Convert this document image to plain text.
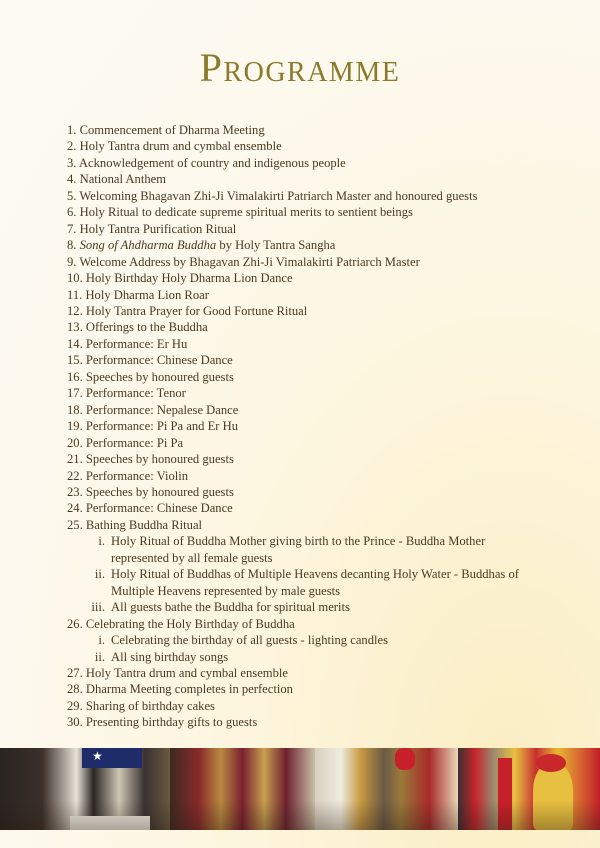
Programme
1. Commencement of Dharma Meeting
2. Holy Tantra drum and cymbal ensemble
3. Acknowledgement of country and indigenous people
4. National Anthem
5. Welcoming Bhagavan Zhi-Ji Vimalakirti Patriarch Master and honoured guests
6. Holy Ritual to dedicate supreme spiritual merits to sentient beings
7. Holy Tantra Purification Ritual
8. Song of Ahdharma Buddha by Holy Tantra Sangha
9. Welcome Address by Bhagavan Zhi-Ji Vimalakirti Patriarch Master
10. Holy Birthday Holy Dharma Lion Dance
11. Holy Dharma Lion Roar
12. Holy Tantra Prayer for Good Fortune Ritual
13. Offerings to the Buddha
14. Performance: Er Hu
15. Performance: Chinese Dance
16. Speeches by honoured guests
17. Performance: Tenor
18. Performance: Nepalese Dance
19. Performance: Pi Pa and Er Hu
20. Performance: Pi Pa
21. Speeches by honoured guests
22. Performance: Violin
23. Speeches by honoured guests
24. Performance: Chinese Dance
25. Bathing Buddha Ritual
i. Holy Ritual of Buddha Mother giving birth to the Prince - Buddha Mother represented by all female guests
ii. Holy Ritual of Buddhas of Multiple Heavens decanting Holy Water - Buddhas of Multiple Heavens represented by male guests
iii. All guests bathe the Buddha for spiritual merits
26. Celebrating the Holy Birthday of Buddha
i. Celebrating the birthday of all guests - lighting candles
ii. All sing birthday songs
27. Holy Tantra drum and cymbal ensemble
28. Dharma Meeting completes in perfection
29. Sharing of birthday cakes
30. Presenting birthday gifts to guests
★
